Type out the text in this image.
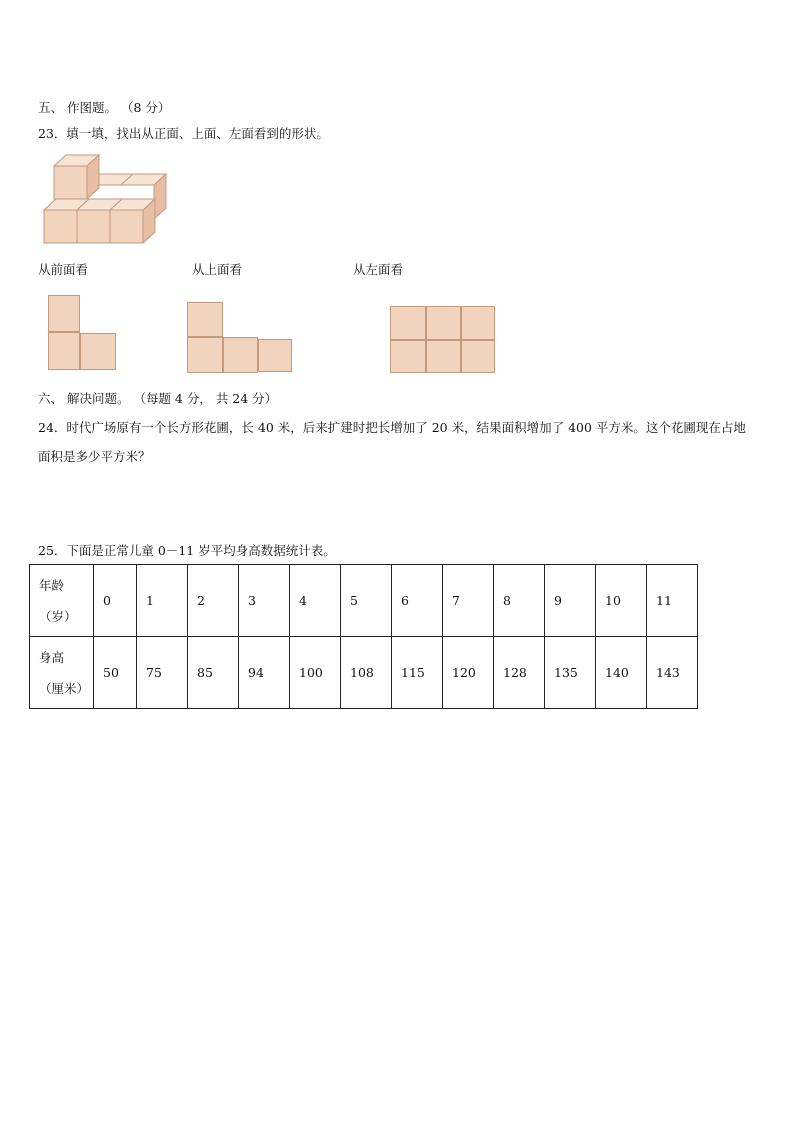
五、 作图题。 （8 分）
23．填一填，找出从正面、上面、左面看到的形状。
从前面看	从上面看	从左面看
六、 解决问题。 （每题 4 分， 共 24 分）
24．时代广场原有一个长方形花圃，长 40 米，后来扩建时把长增加了 20 米，结果面积增加了 400 平方米。这个花圃现在占地面积是多少平方米？
25．下面是正常儿童 0－11 岁平均身高数据统计表。
年龄
（岁）	0	1	2	3	4	5	6	7	8	9	10	11

身高
（厘米）	50	75	85	94	100	108	115	120	128	135	140	143
